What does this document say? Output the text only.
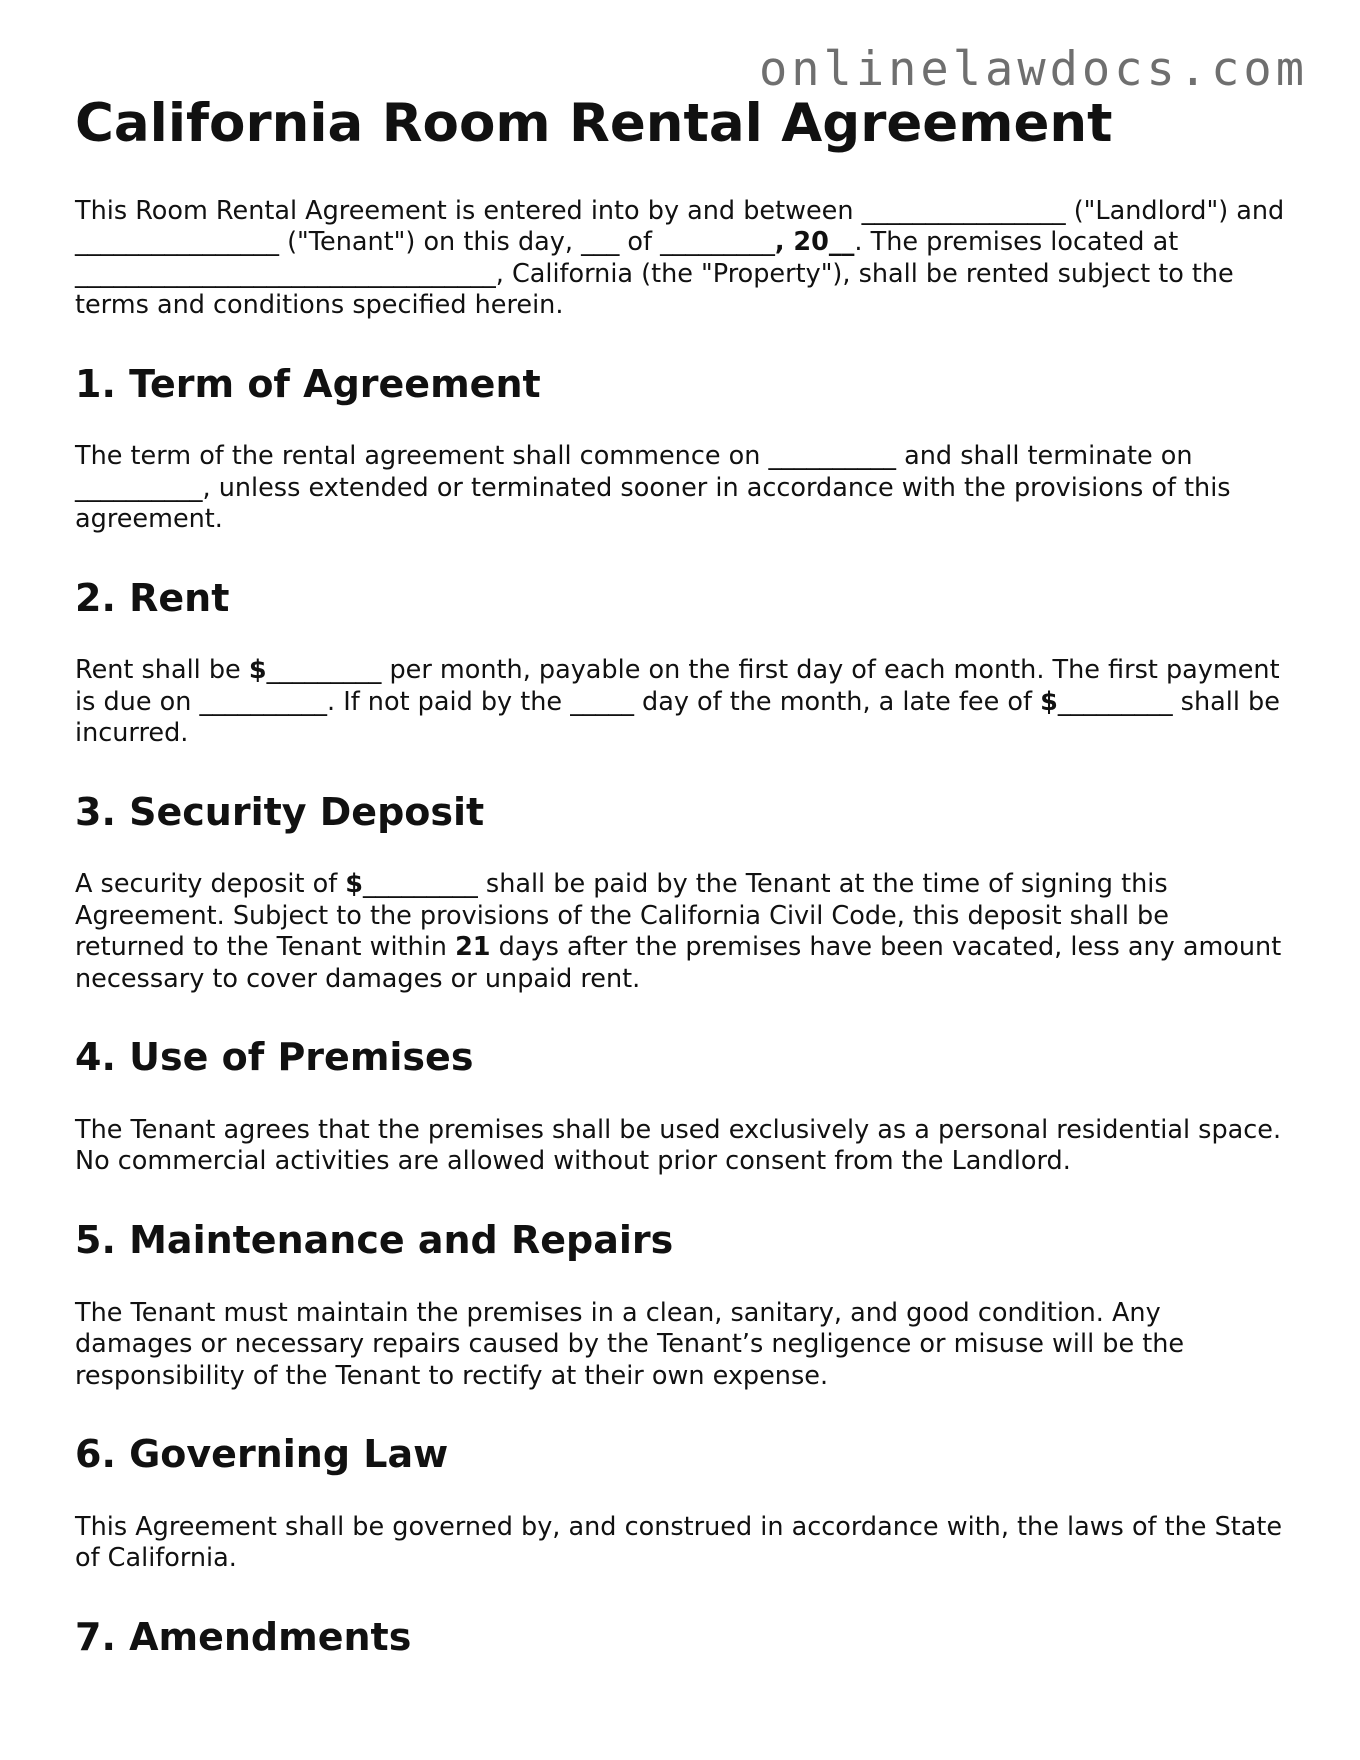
onlinelawdocs.com
California Room Rental Agreement

This Room Rental Agreement is entered into by and between ________________ ("Landlord") and ________________ ("Tenant") on this day, ___ of _________, 20__. The premises located at _________________________________, California (the "Property"), shall be rented subject to the terms and conditions specified herein.

1. Term of Agreement

The term of the rental agreement shall commence on __________ and shall terminate on __________, unless extended or terminated sooner in accordance with the provisions of this agreement.

2. Rent

Rent shall be $_________ per month, payable on the first day of each month. The first payment is due on __________. If not paid by the _____ day of the month, a late fee of $_________ shall be incurred.

3. Security Deposit

A security deposit of $_________ shall be paid by the Tenant at the time of signing this Agreement. Subject to the provisions of the California Civil Code, this deposit shall be returned to the Tenant within 21 days after the premises have been vacated, less any amount necessary to cover damages or unpaid rent.

4. Use of Premises

The Tenant agrees that the premises shall be used exclusively as a personal residential space. No commercial activities are allowed without prior consent from the Landlord.

5. Maintenance and Repairs

The Tenant must maintain the premises in a clean, sanitary, and good condition. Any damages or necessary repairs caused by the Tenant’s negligence or misuse will be the responsibility of the Tenant to rectify at their own expense.

6. Governing Law

This Agreement shall be governed by, and construed in accordance with, the laws of the State of California.

7. Amendments
